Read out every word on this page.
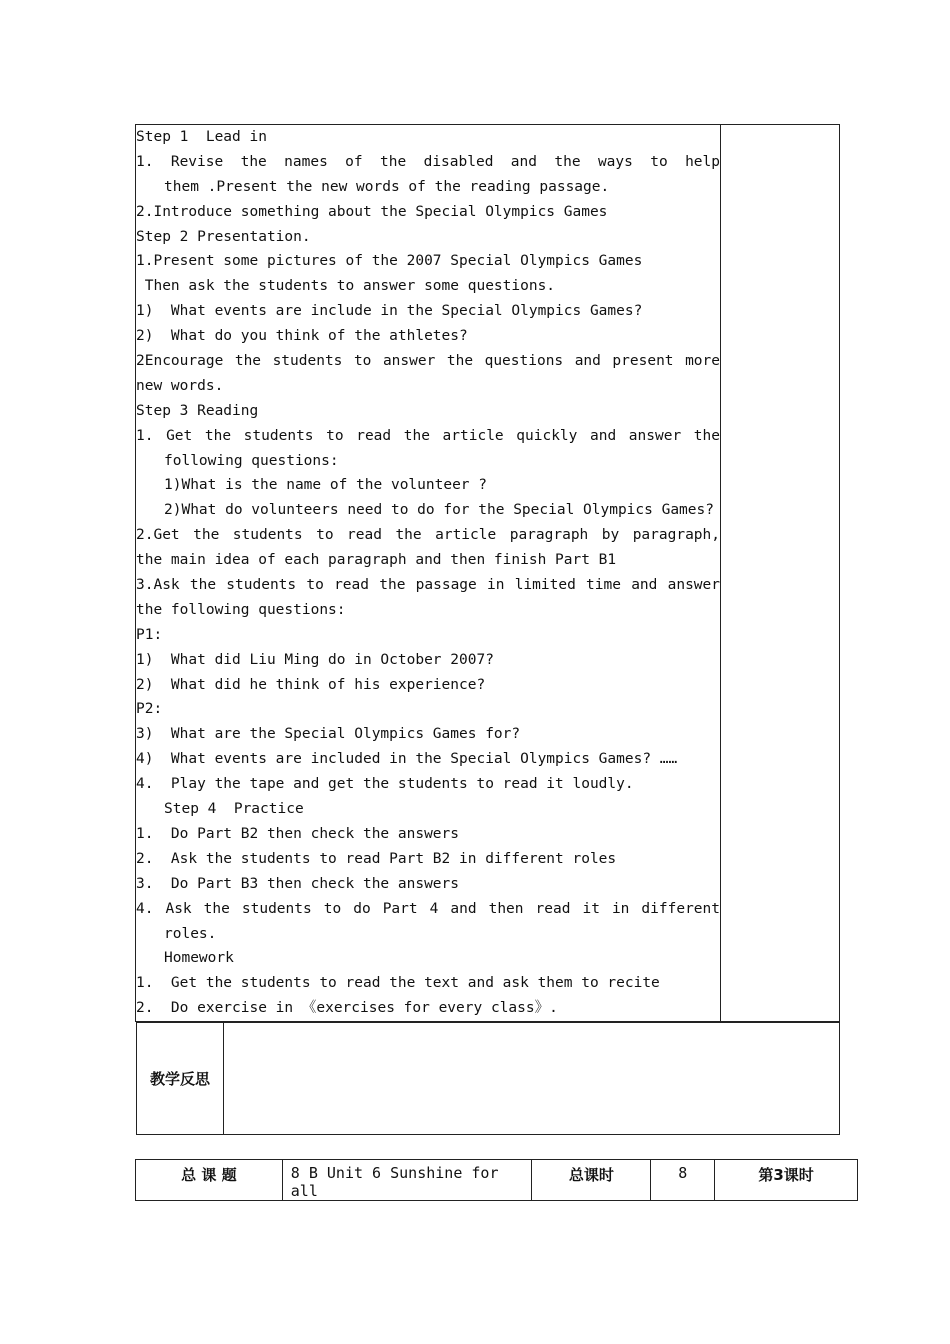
Step 1  Lead in
1. Revise the names of the disabled and the ways to help
them .Present the new words of the reading passage.
2.Introduce something about the Special Olympics Games
Step 2 Presentation.
1.Present some pictures of the 2007 Special Olympics Games
Then ask the students to answer some questions.
1)  What events are include in the Special Olympics Games?
2)  What do you think of the athletes?
2Encourage the students to answer the questions and present more
new words.
Step 3 Reading
1. Get the students to read the article quickly and answer the
following questions:
1)What is the name of the volunteer ?
2)What do volunteers need to do for the Special Olympics Games?
2.Get the students to read the article paragraph by paragraph,
the main idea of each paragraph and then finish Part B1
3.Ask the students to read the passage in limited time and answer
the following questions:
P1:
1)  What did Liu Ming do in October 2007?
2)  What did he think of his experience?
P2:
3)  What are the Special Olympics Games for?
4)  What events are included in the Special Olympics Games? ……
4.  Play the tape and get the students to read it loudly.
Step 4  Practice
1.  Do Part B2 then check the answers
2.  Ask the students to read Part B2 in different roles
3.  Do Part B3 then check the answers
4. Ask the students to do Part 4 and then read it in different
roles.
Homework
1.  Get the students to read the text and ask them to recite
2.  Do exercise in 《exercises for every class》.

教学反思	
总 课 题	8 B Unit 6 Sunshine for all	总课时	8	第3课时
